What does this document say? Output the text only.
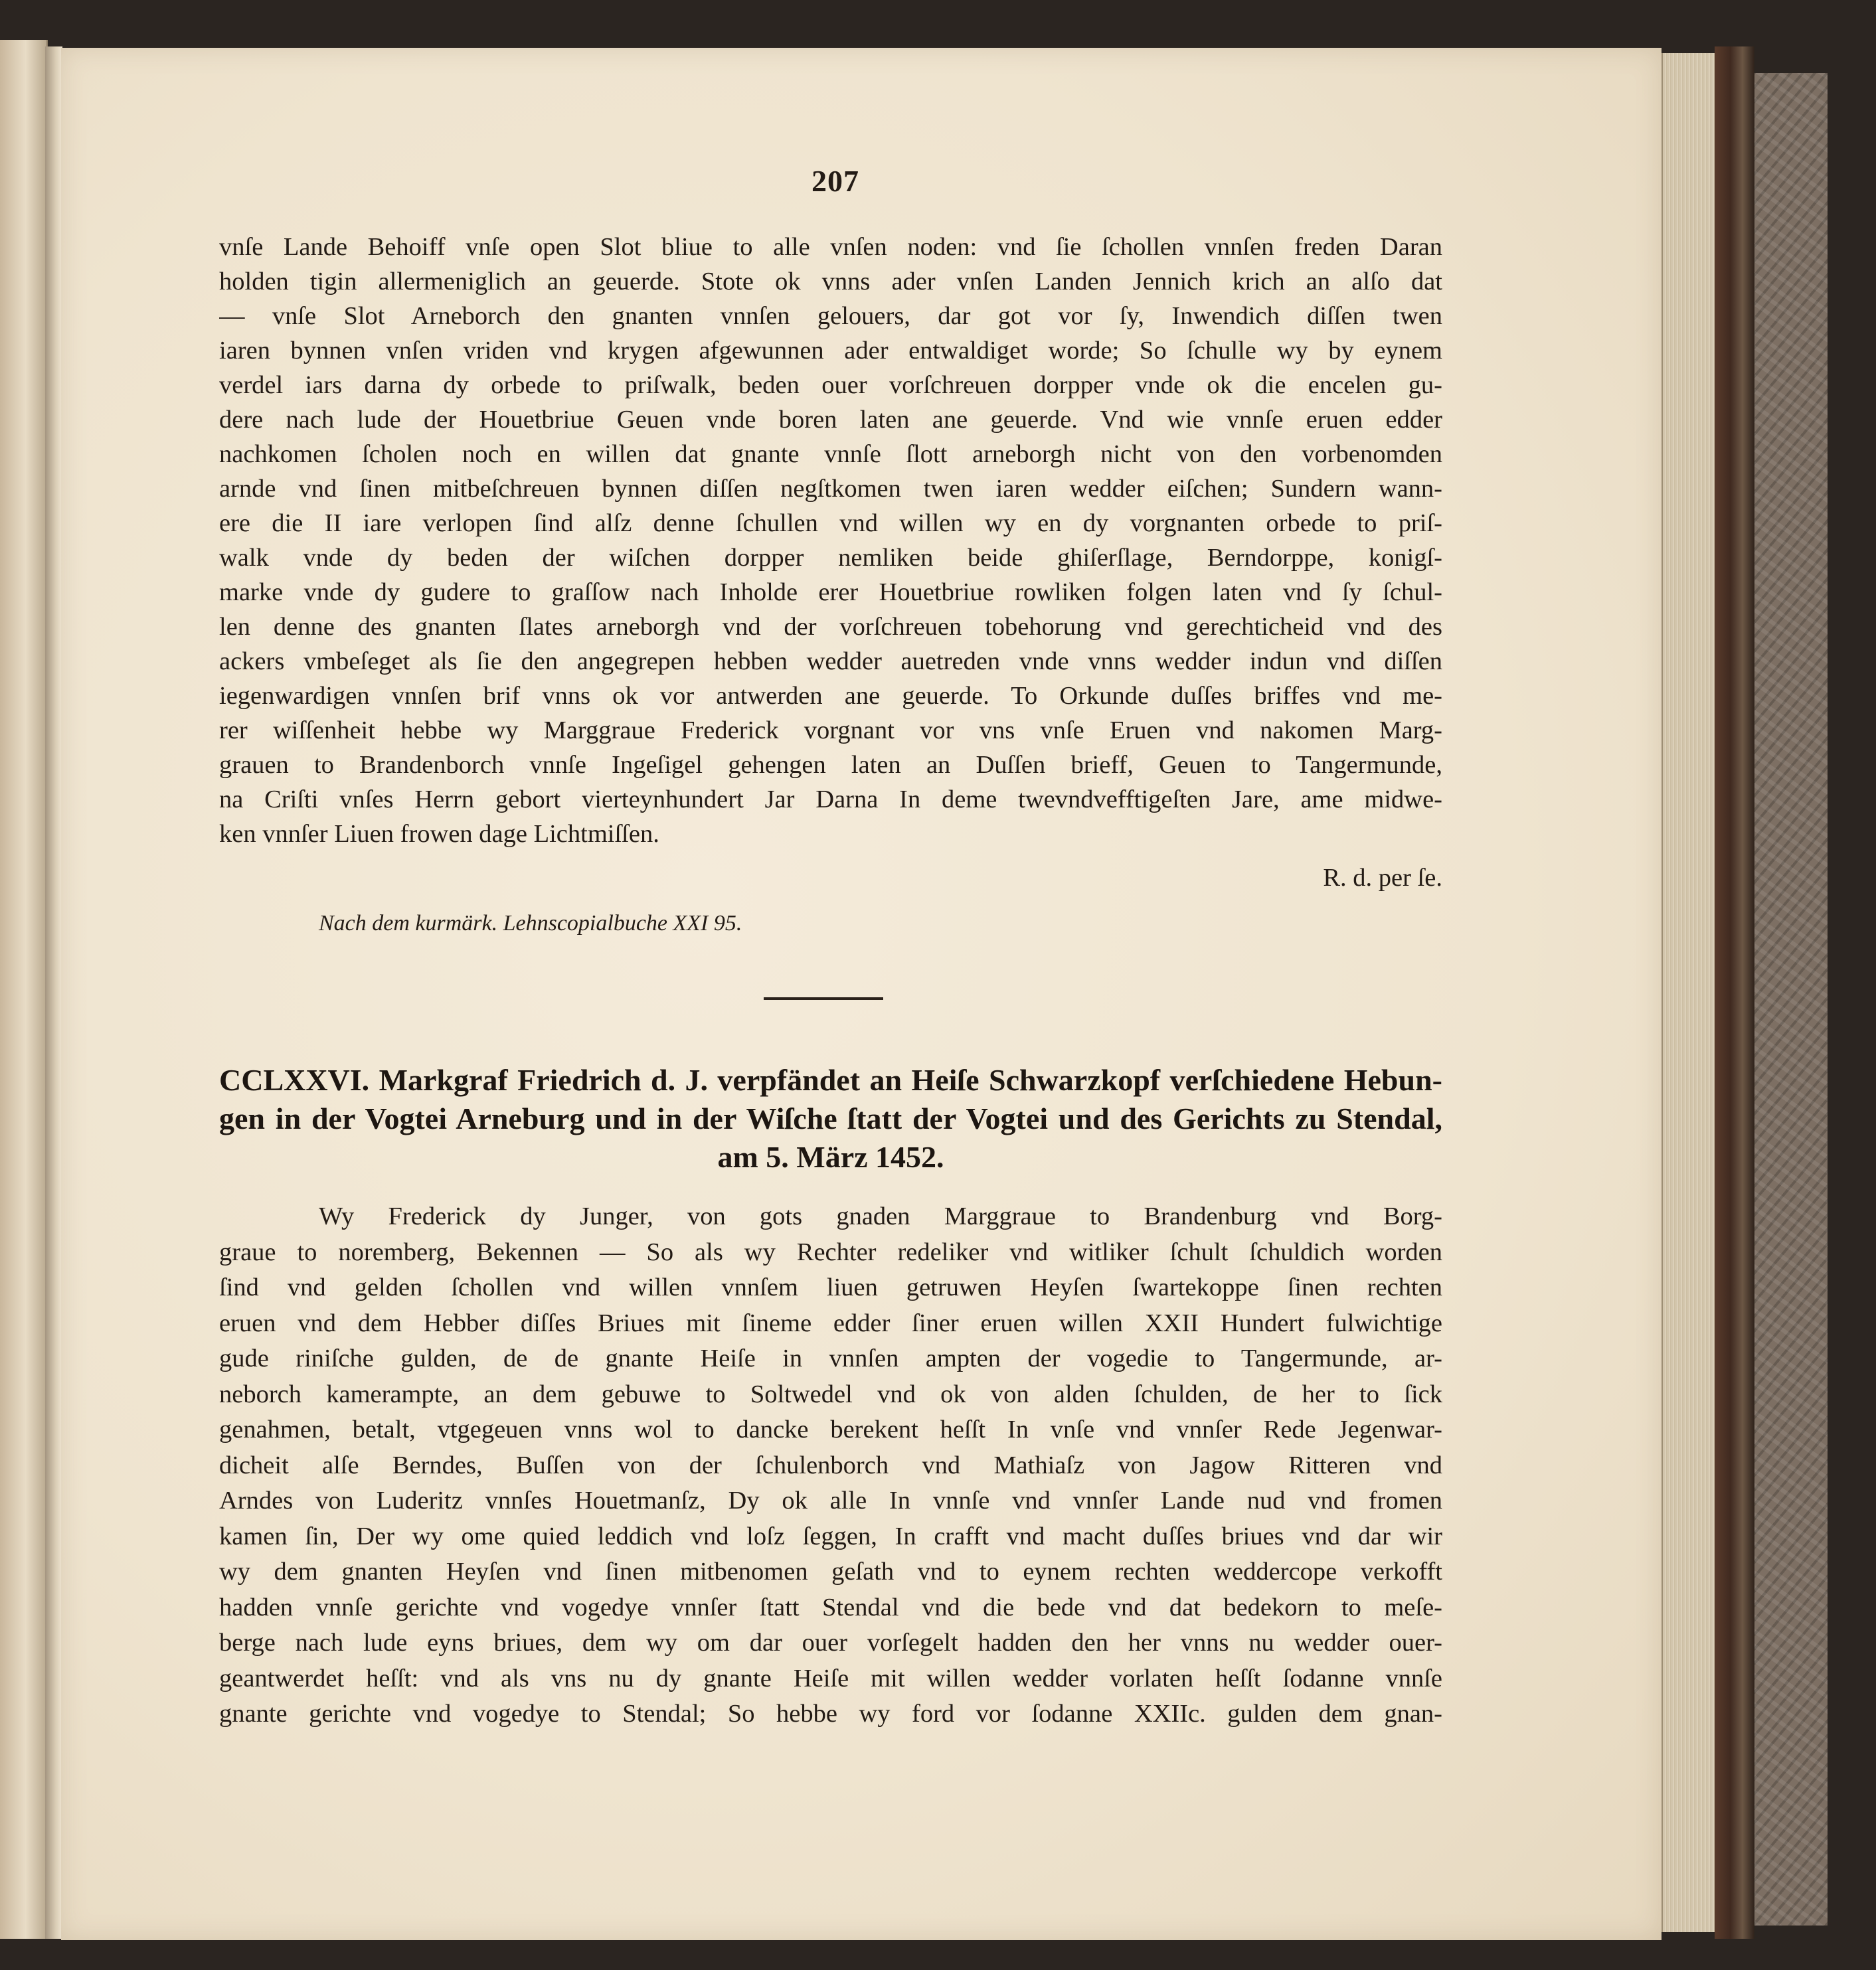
207
vnſe Lande Behoiff vnſe open Slot bliue to alle vnſen noden: vnd ſie ſchollen vnnſen freden Daran
holden tigin allermeniglich an geuerde. Stote ok vnns ader vnſen Landen Jennich krich an alſo dat
— vnſe Slot Arneborch den gnanten vnnſen gelouers, dar got vor ſy, Inwendich diſſen twen
iaren bynnen vnſen vriden vnd krygen afgewunnen ader entwaldiget worde; So ſchulle wy by eynem
verdel iars darna dy orbede to priſwalk, beden ouer vorſchreuen dorpper vnde ok die encelen gu-
dere nach lude der Houetbriue Geuen vnde boren laten ane geuerde. Vnd wie vnnſe eruen edder
nachkomen ſcholen noch en willen dat gnante vnnſe ſlott arneborgh nicht von den vorbenomden
arnde vnd ſinen mitbeſchreuen bynnen diſſen negſtkomen twen iaren wedder eiſchen; Sundern wann-
ere die II iare verlopen ſind alſz denne ſchullen vnd willen wy en dy vorgnanten orbede to priſ-
walk vnde dy beden der wiſchen dorpper nemliken beide ghiſerſlage, Berndorppe, konigſ-
marke vnde dy gudere to graſſow nach Inholde erer Houetbriue rowliken folgen laten vnd ſy ſchul-
len denne des gnanten ſlates arneborgh vnd der vorſchreuen tobehorung vnd gerechticheid vnd des
ackers vmbeſeget als ſie den angegrepen hebben wedder auetreden vnde vnns wedder indun vnd diſſen
iegenwardigen vnnſen brif vnns ok vor antwerden ane geuerde. To Orkunde duſſes briffes vnd me-
rer wiſſenheit hebbe wy Marggraue Frederick vorgnant vor vns vnſe Eruen vnd nakomen Marg-
grauen to Brandenborch vnnſe Ingeſigel gehengen laten an Duſſen brieff, Geuen to Tangermunde,
na Criſti vnſes Herrn gebort vierteynhundert Jar Darna In deme twevndvefftigeſten Jare, ame midwe-
ken vnnſer Liuen frowen dage Lichtmiſſen.
R. d. per ſe.
Nach dem kurmärk. Lehnscopialbuche XXI 95.
CCLXXVI. Markgraf Friedrich d. J. verpfändet an Heiſe Schwarzkopf verſchiedene Hebun-
gen in der Vogtei Arneburg und in der Wiſche ſtatt der Vogtei und des Gerichts zu Stendal,
am 5. März 1452.
Wy Frederick dy Junger, von gots gnaden Marggraue to Brandenburg vnd Borg-
graue to noremberg, Bekennen — So als wy Rechter redeliker vnd witliker ſchult ſchuldich worden
ſind vnd gelden ſchollen vnd willen vnnſem liuen getruwen Heyſen ſwartekoppe ſinen rechten
eruen vnd dem Hebber diſſes Briues mit ſineme edder ſiner eruen willen XXII Hundert fulwichtige
gude riniſche gulden, de de gnante Heiſe in vnnſen ampten der vogedie to Tangermunde, ar-
neborch kamerampte, an dem gebuwe to Soltwedel vnd ok von alden ſchulden, de her to ſick
genahmen, betalt, vtgegeuen vnns wol to dancke berekent heſſt In vnſe vnd vnnſer Rede Jegenwar-
dicheit alſe Berndes, Buſſen von der ſchulenborch vnd Mathiaſz von Jagow Ritteren vnd
Arndes von Luderitz vnnſes Houetmanſz, Dy ok alle In vnnſe vnd vnnſer Lande nud vnd fromen
kamen ſin, Der wy ome quied leddich vnd loſz ſeggen, In crafft vnd macht duſſes briues vnd dar wir
wy dem gnanten Heyſen vnd ſinen mitbenomen geſath vnd to eynem rechten weddercope verkofft
hadden vnnſe gerichte vnd vogedye vnnſer ſtatt Stendal vnd die bede vnd dat bedekorn to meſe-
berge nach lude eyns briues, dem wy om dar ouer vorſegelt hadden den her vnns nu wedder ouer-
geantwerdet heſſt: vnd als vns nu dy gnante Heiſe mit willen wedder vorlaten heſſt ſodanne vnnſe
gnante gerichte vnd vogedye to Stendal; So hebbe wy ford vor ſodanne XXIIc. gulden dem gnan-
